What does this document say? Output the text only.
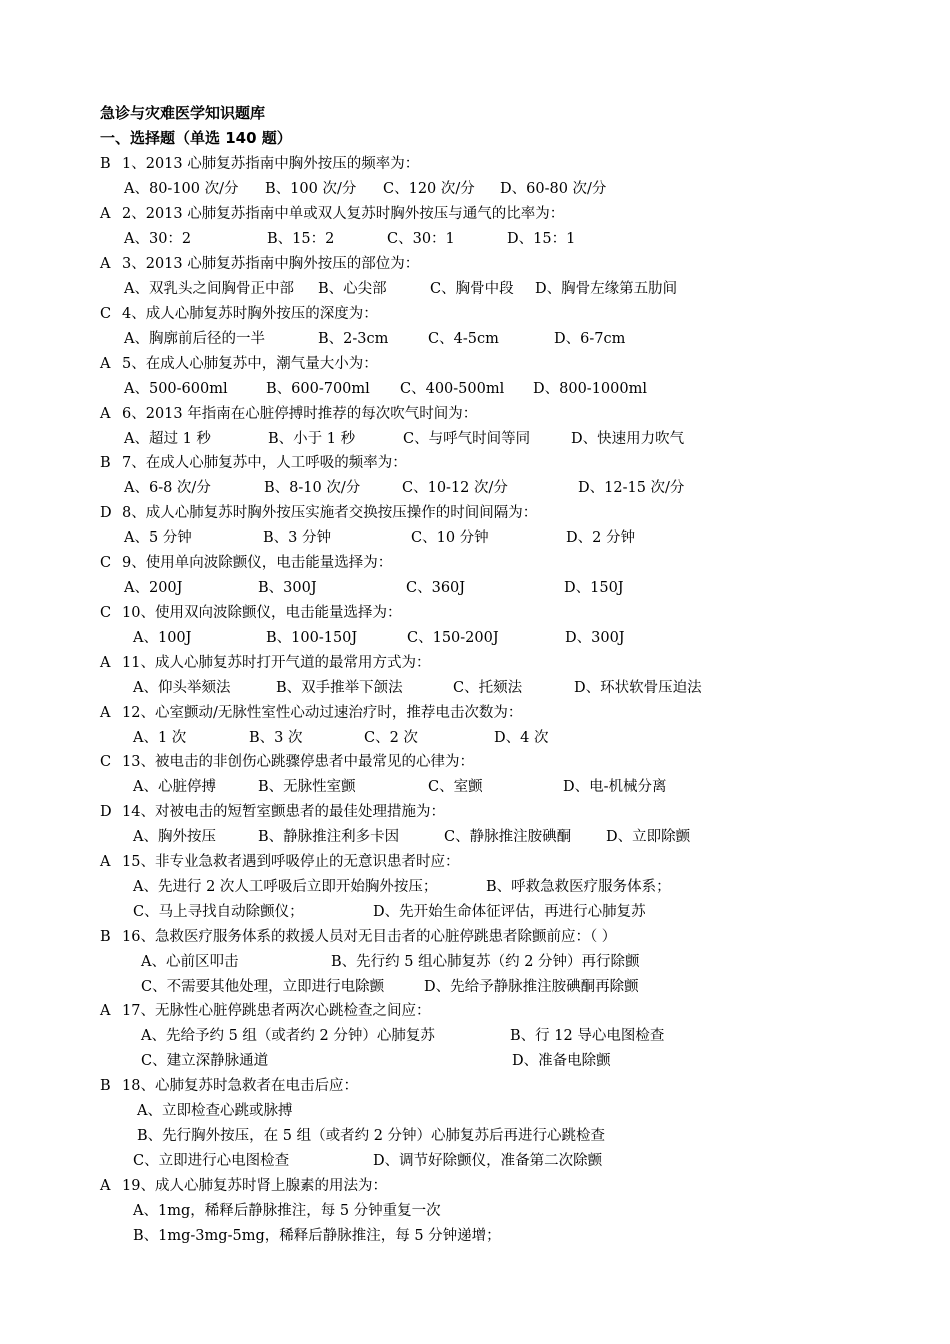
急诊与灾难医学知识题库
一、选择题（单选 140 题）
B 1、2013 心肺复苏指南中胸外按压的频率为：
A、80-100 次/分 B、100 次/分 C、120 次/分 D、60-80 次/分
A 2、2013 心肺复苏指南中单或双人复苏时胸外按压与通气的比率为：
A、30：2	B、15：2	C、30：1	D、15：1
A 3、2013 心肺复苏指南中胸外按压的部位为：
A、双乳头之间胸骨正中部 B、心尖部	C、胸骨中段 D、胸骨左缘第五肋间
C 4、成人心肺复苏时胸外按压的深度为：
A、胸廓前后径的一半	B、2-3cm	C、4-5cm	D、6-7cm
A 5、在成人心肺复苏中，潮气量大小为：
A、500-600ml	B、600-700ml C、400-500ml D、800-1000ml
A 6、2013 年指南在心脏停搏时推荐的每次吹气时间为：
A、超过 1 秒	B、小于 1 秒	C、与呼气时间等同	D、快速用力吹气
B 7、在成人心肺复苏中，人工呼吸的频率为：
A、6-8 次/分	B、8-10 次/分	C、10-12 次/分	D、12-15 次/分
D 8、成人心肺复苏时胸外按压实施者交换按压操作的时间间隔为：
A、5 分钟	B、3 分钟	C、10 分钟	D、2 分钟
C 9、使用单向波除颤仪，电击能量选择为：
A、200J	B、300J	C、360J	D、150J
C 10、使用双向波除颤仪，电击能量选择为：
A、100J	B、100-150J	C、150-200J	D、300J
A 11、成人心肺复苏时打开气道的最常用方式为：
A、仰头举颏法	B、双手推举下颌法	C、托颏法	D、环状软骨压迫法
A 12、心室颤动/无脉性室性心动过速治疗时，推荐电击次数为：
A、1 次	B、3 次	C、2 次	D、4 次
C 13、被电击的非创伤心跳骤停患者中最常见的心律为：
A、心脏停搏	B、无脉性室颤	C、室颤	D、电-机械分离
D 14、对被电击的短暂室颤患者的最佳处理措施为：
A、胸外按压	B、静脉推注利多卡因	C、静脉推注胺碘酮 D、立即除颤
A 15、非专业急救者遇到呼吸停止的无意识患者时应：
A、先进行 2 次人工呼吸后立即开始胸外按压；	B、呼救急救医疗服务体系；
C、马上寻找自动除颤仪；	D、先开始生命体征评估，再进行心肺复苏
B 16、急救医疗服务体系的救援人员对无目击者的心脏停跳患者除颤前应：（ ）
A、心前区叩击	B、先行约 5 组心肺复苏（约 2 分钟）再行除颤
C、不需要其他处理，立即进行电除颤	D、先给予静脉推注胺碘酮再除颤
A 17、无脉性心脏停跳患者两次心跳检查之间应：
A、先给予约 5 组（或者约 2 分钟）心肺复苏	B、行 12 导心电图检查
C、建立深静脉通道	D、准备电除颤
B 18、心肺复苏时急救者在电击后应：
A、立即检查心跳或脉搏
B、先行胸外按压，在 5 组（或者约 2 分钟）心肺复苏后再进行心跳检查
C、立即进行心电图检查	D、调节好除颤仪，准备第二次除颤
A 19、成人心肺复苏时肾上腺素的用法为：
A、1mg，稀释后静脉推注，每 5 分钟重复一次
B、1mg-3mg-5mg，稀释后静脉推注，每 5 分钟递增；
